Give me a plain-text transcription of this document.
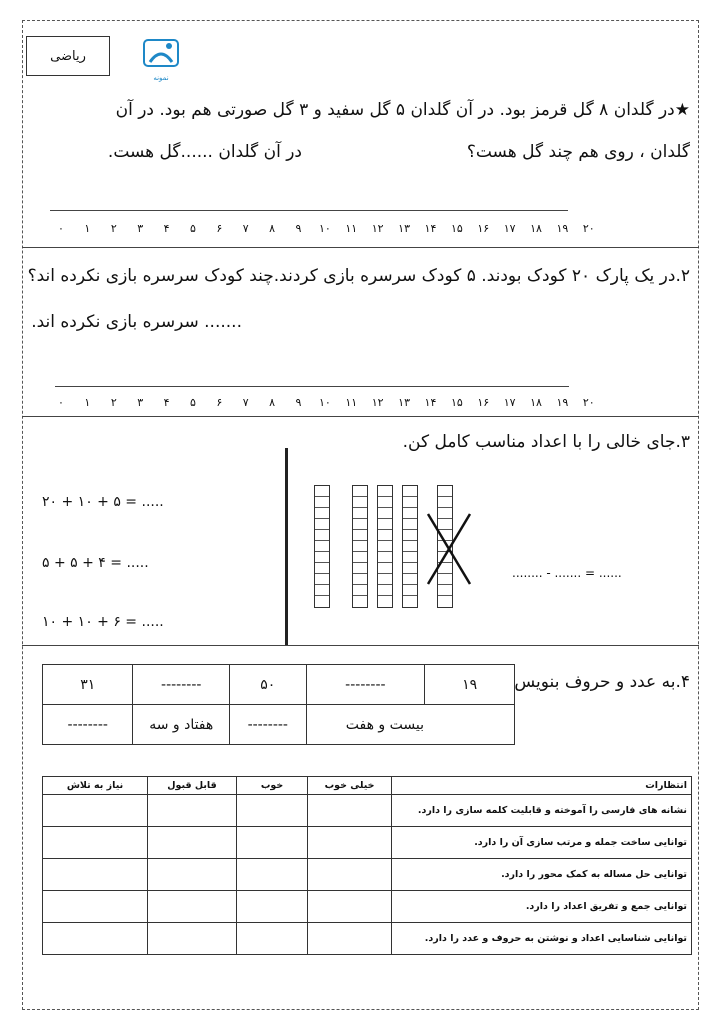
ریاضی
نمونه
★در گلدان ۸ گل قرمز بود. در آن گلدان ۵ گل سفید و ۳ گل صورتی هم بود. در آن
گلدان ، روی هم چند گل هست؟
در آن گلدان ......گل هست.
۰	۱	۲	۳	۴	۵	۶	۷	۸	۹	۱۰	۱۱	۱۲	۱۳	۱۴	۱۵	۱۶	۱۷	۱۸	۱۹	۲۰
۲.در یک پارک ۲۰ کودک بودند. ۵ کودک سرسره بازی کردند.چند کودک سرسره بازی نکرده اند؟
....... سرسره بازی نکرده اند.
۰	۱	۲	۳	۴	۵	۶	۷	۸	۹	۱۰	۱۱	۱۲	۱۳	۱۴	۱۵	۱۶	۱۷	۱۸	۱۹	۲۰
۳.جای خالی را با اعداد مناسب کامل کن.
۲۰ + ۱۰ + ۵ = .....
۵ + ۵ + ۴ = .....
۱۰ + ۱۰ + ۶ = .....
........ - ....... = ......
۴.به عدد و حروف بنویس
۳۱	--------	۵۰	--------	۱۹
--------	هفتاد و سه	--------	بیست و هفت	
نیاز به تلاش	قابل قبول	خوب	خیلی خوب	انتظارات
				نشانه های فارسی را آموخته و قابلیت کلمه سازی را دارد.
				توانایی ساخت جمله و مرتب سازی آن را دارد.
				توانایی حل مساله به کمک محور را دارد.
				توانایی جمع و تفریق اعداد را دارد.
				توانایی شناسایی اعداد و نوشتن به حروف و عدد را دارد.
